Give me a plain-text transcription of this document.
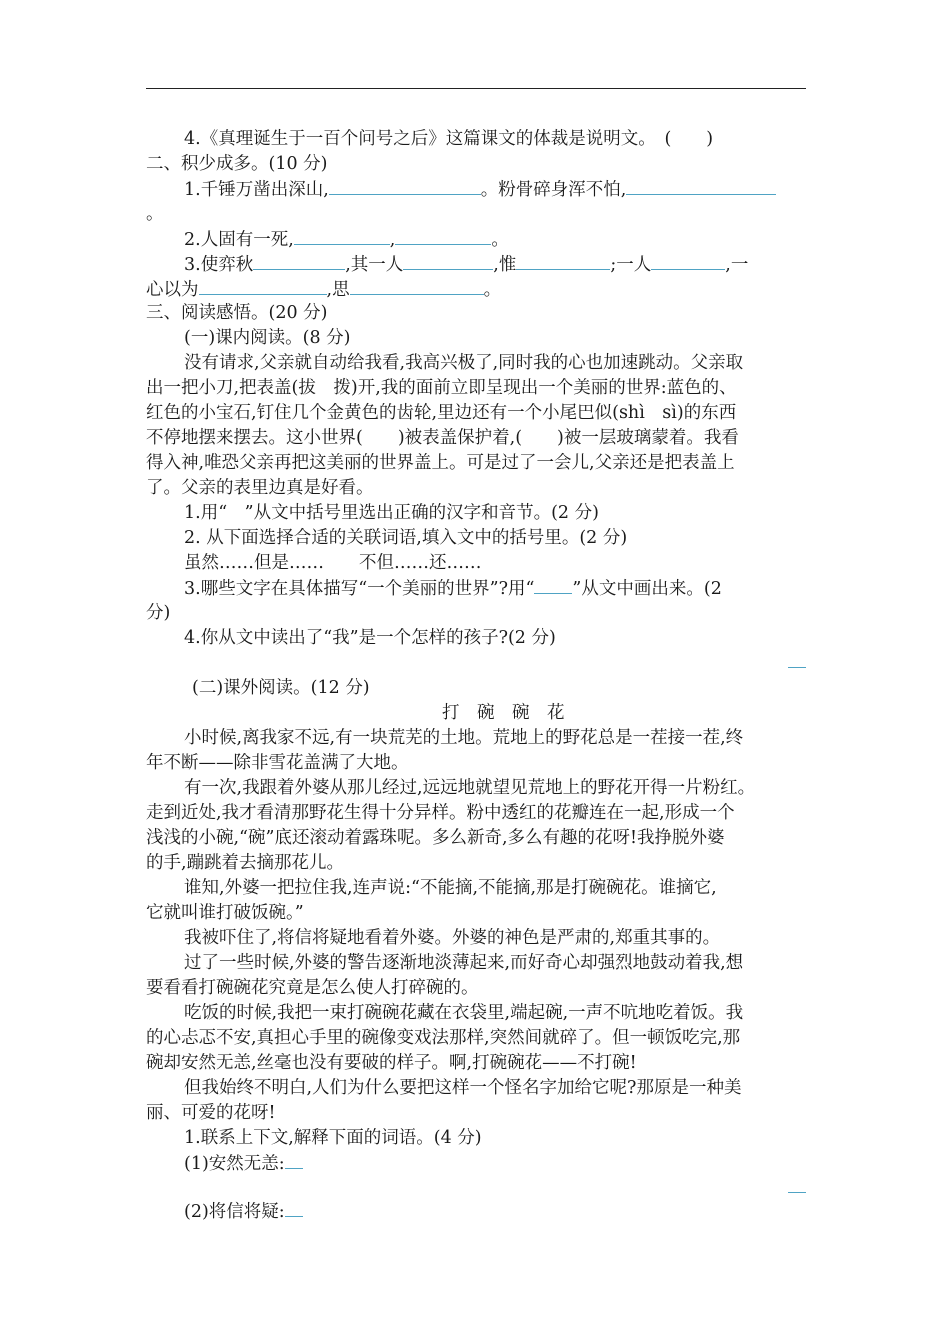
4.《真理诞生于一百个问号之后》这篇课文的体裁是说明文。　(　　)
二、积少成多。(10 分)
1.千锤万凿出深山,	。粉骨碎身浑不怕,
。
2.人固有一死,	,	。
3.使弈秋	,其一人	,惟	;一人	,一
心以为	,思	。
三、阅读感悟。(20 分)
(一)课内阅读。(8 分)
没有请求,父亲就自动给我看,我高兴极了,同时我的心也加速跳动。父亲取
出一把小刀,把表盖(拔　拨)开,我的面前立即呈现出一个美丽的世界:蓝色的、
红色的小宝石,钉住几个金黄色的齿轮,里边还有一个小尾巴似(shì　sì)的东西
不停地摆来摆去。这小世界(　　)被表盖保护着,(　　)被一层玻璃蒙着。我看
得入神,唯恐父亲再把这美丽的世界盖上。可是过了一会儿,父亲还是把表盖上
了。父亲的表里边真是好看。
1.用“　”从文中括号里选出正确的汉字和音节。(2 分)
2. 从下面选择合适的关联词语,填入文中的括号里。(2 分)
虽然……但是……　　不但……还……
3.哪些文字在具体描写“一个美丽的世界”?用“ ”从文中画出来。(2
分)
4.你从文中读出了“我”是一个怎样的孩子?(2 分)
(二)课外阅读。(12 分)
打　碗　碗　花
小时候,离我家不远,有一块荒芜的土地。荒地上的野花总是一茬接一茬,终
年不断——除非雪花盖满了大地。
有一次,我跟着外婆从那儿经过,远远地就望见荒地上的野花开得一片粉红。
走到近处,我才看清那野花生得十分异样。粉中透红的花瓣连在一起,形成一个
浅浅的小碗,“碗”底还滚动着露珠呢。多么新奇,多么有趣的花呀!我挣脱外婆
的手,蹦跳着去摘那花儿。
谁知,外婆一把拉住我,连声说:“不能摘,不能摘,那是打碗碗花。谁摘它,
它就叫谁打破饭碗。”
我被吓住了,将信将疑地看着外婆。外婆的神色是严肃的,郑重其事的。
过了一些时候,外婆的警告逐渐地淡薄起来,而好奇心却强烈地鼓动着我,想
要看看打碗碗花究竟是怎么使人打碎碗的。
吃饭的时候,我把一束打碗碗花藏在衣袋里,端起碗,一声不吭地吃着饭。我
的心忐忑不安,真担心手里的碗像变戏法那样,突然间就碎了。但一顿饭吃完,那
碗却安然无恙,丝毫也没有要破的样子。啊,打碗碗花——不打碗!
但我始终不明白,人们为什么要把这样一个怪名字加给它呢?那原是一种美
丽、可爱的花呀!
1.联系上下文,解释下面的词语。(4 分)
(1)安然无恙:
(2)将信将疑:
